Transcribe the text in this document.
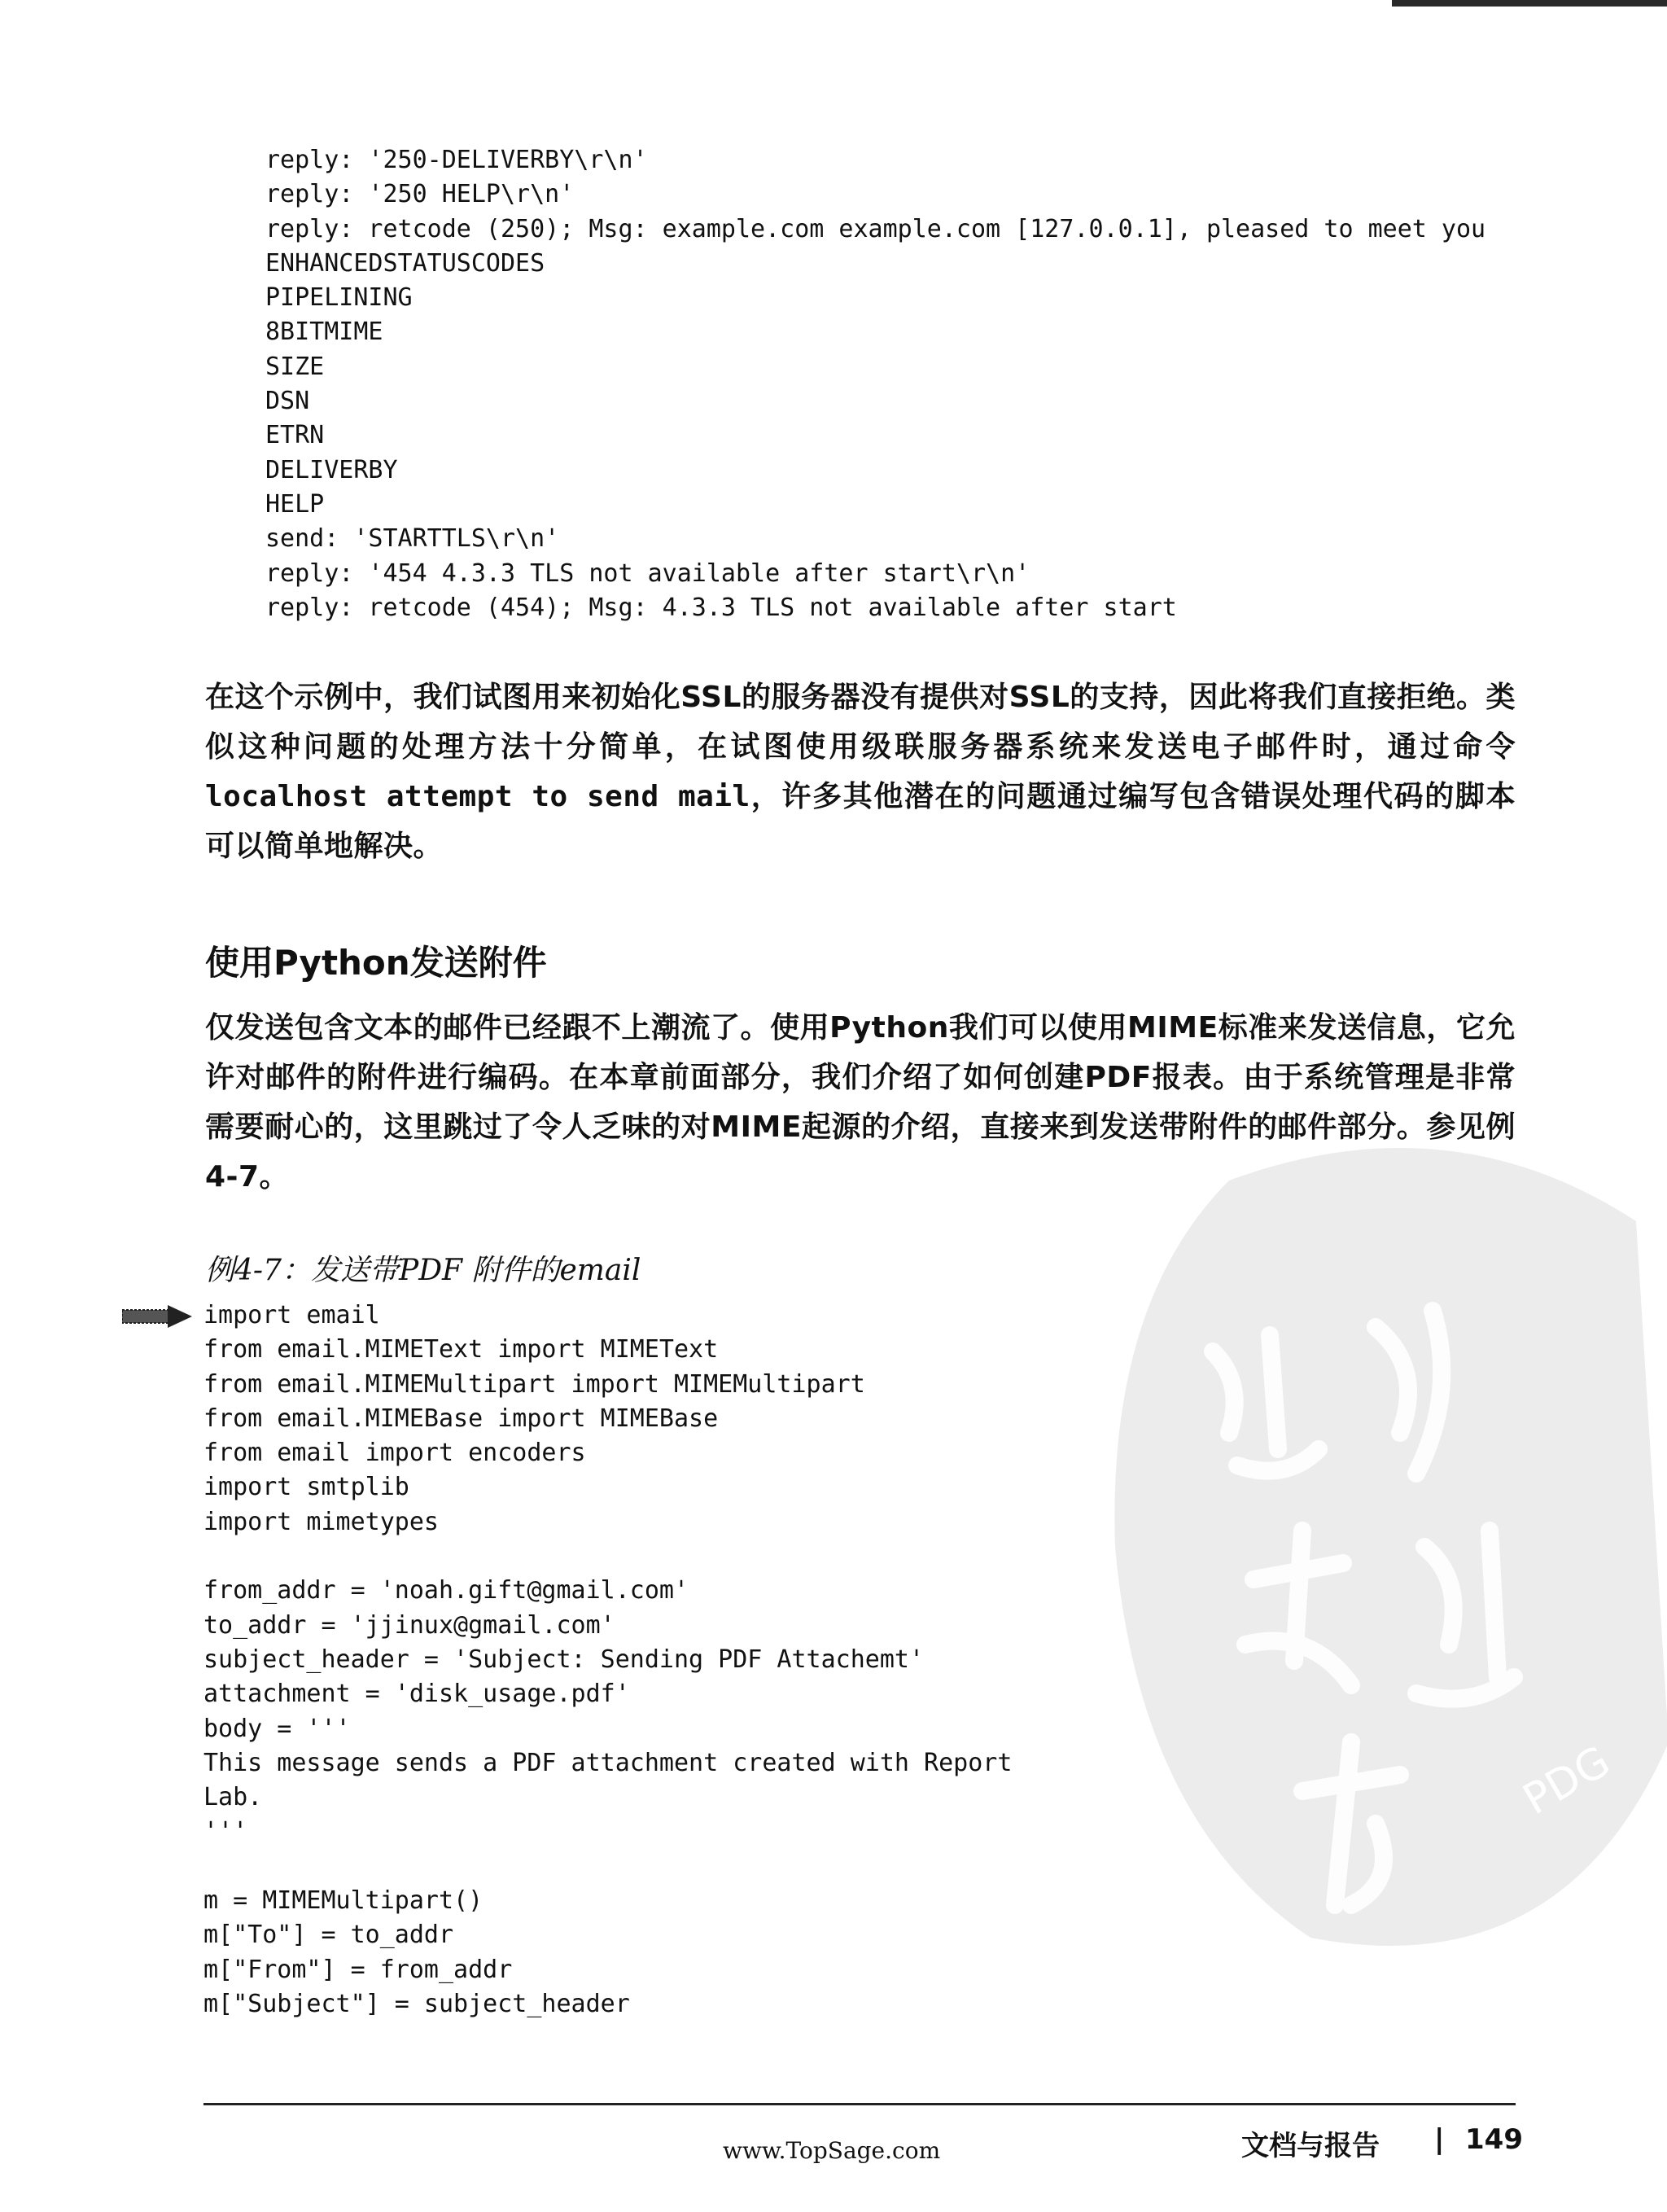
reply: '250-DELIVERBY\r\n'
reply: '250 HELP\r\n'
reply: retcode (250); Msg: example.com example.com [127.0.0.1], pleased to meet you
ENHANCEDSTATUSCODES
PIPELINING
8BITMIME
SIZE
DSN
ETRN
DELIVERBY
HELP
send: 'STARTTLS\r\n'
reply: '454 4.3.3 TLS not available after start\r\n'
reply: retcode (454); Msg: 4.3.3 TLS not available after start
在这个示例中，我们试图用来初始化SSL的服务器没有提供对SSL的支持，因此将我们直接拒绝。类似这种问题的处理方法十分简单，在试图使用级联服务器系统来发送电子邮件时，通过命令localhost attempt to send mail，许多其他潜在的问题通过编写包含错误处理代码的脚本可以简单地解决。
使用Python发送附件
仅发送包含文本的邮件已经跟不上潮流了。使用Python我们可以使用MIME标准来发送信息，它允许对邮件的附件进行编码。在本章前面部分，我们介绍了如何创建PDF报表。由于系统管理是非常需要耐心的，这里跳过了令人乏味的对MIME起源的介绍，直接来到发送带附件的邮件部分。参见例4-7。
例4-7：发送带PDF 附件的email
import email
from email.MIMEText import MIMEText
from email.MIMEMultipart import MIMEMultipart
from email.MIMEBase import MIMEBase
from email import encoders
import smtplib
import mimetypes

from_addr = 'noah.gift@gmail.com'
to_addr = 'jjinux@gmail.com'
subject_header = 'Subject: Sending PDF Attachemt'
attachment = 'disk_usage.pdf'
body = '''
This message sends a PDF attachment created with Report
Lab.
'''

m = MIMEMultipart()
m["To"] = to_addr
m["From"] = from_addr
m["Subject"] = subject_header
PDG
www.TopSage.com	文档与报告 | 149
